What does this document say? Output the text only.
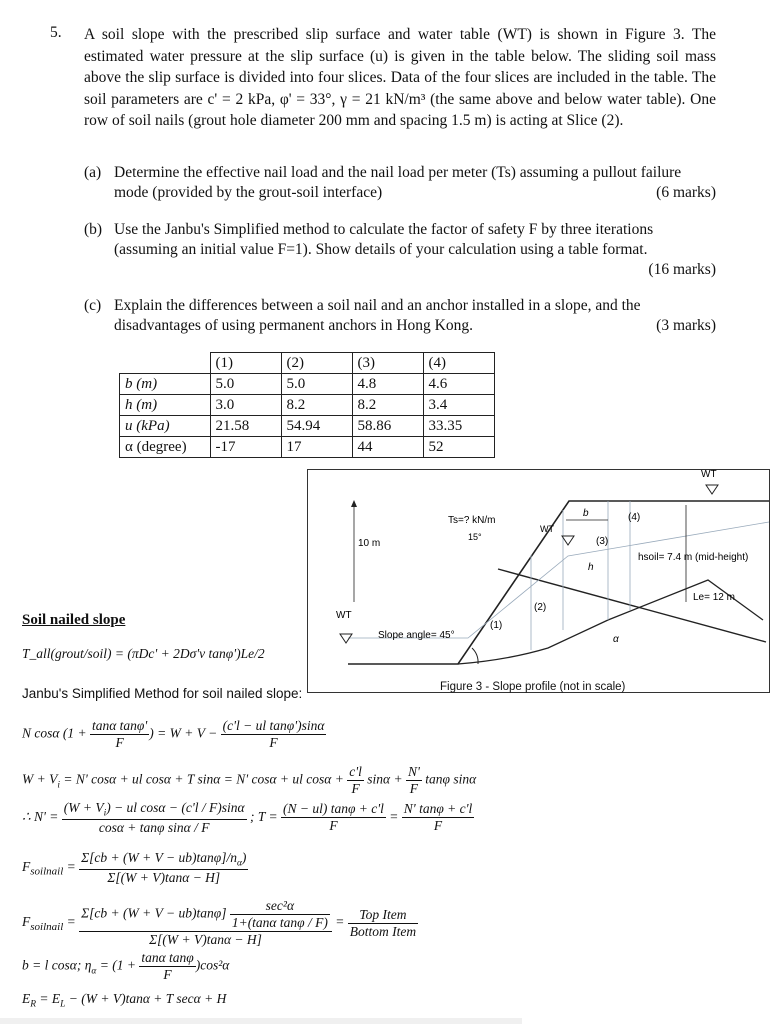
5. A soil slope with the prescribed slip surface and water table (WT) is shown in Figure 3. The estimated water pressure at the slip surface (u) is given in the table below. The sliding soil mass above the slip surface is divided into four slices. Data of the four slices are included in the table. The soil parameters are c' = 2 kPa, φ' = 33°, γ = 21 kN/m³ (the same above and below water table). One row of soil nails (grout hole diameter 200 mm and spacing 1.5 m) is acting at Slice (2).
(a) Determine the effective nail load and the nail load per meter (Ts) assuming a pullout failure mode (provided by the grout-soil interface)	(6 marks)
(b) Use the Janbu's Simplified method to calculate the factor of safety F by three iterations (assuming an initial value F=1). Show details of your calculation using a table format.

(16 marks)
(c) Explain the differences between a soil nail and an anchor installed in a slope, and the disadvantages of using permanent anchors in Hong Kong.	(3 marks)
	(1)	(2)	(3)	(4)
b (m)	5.0	5.0	4.8	4.6
h (m)	3.0	8.2	8.2	3.4
u (kPa)	21.58	54.94	58.86	33.35
α (degree)	-17	17	44	52
WT
WT
WT
Ts=? kN/m
15°
10 m
Slope angle= 45°
hsoil= 7.4 m (mid-height)
Le= 12 m
b
h
α
(1)
(2)
(3)
(4)
Figure 3 - Slope profile (not in scale)
Soil nailed slope
T_all(grout/soil) = (πDc' + 2Dσ'v tanφ')Le/2
Janbu's Simplified Method for soil nailed slope:
N cosα ($1 + \frac{\text{tanα tanφ'}}{F}$ ) = $W + V - \frac{\text{(c'l − ul tanφ')sinα}}{F}$
$W + V_i = N'$ cosα + ul cosα + T sinα = N' cosα + ul $\cos\alpha + \frac{c'l}{F}$ $\sin\alpha + \frac{N'}{F}$ tanφ sinα
∴ $N' = \frac{(W + V_i) - ul \cos\alpha - (c'l / F)\sin\alpha}{\text{cosα + tanφ sinα / F}}$ ; $T = \frac{(N - ul) \tan\varphi + c'l}{F} = \frac{N' \tan\varphi + c'l}{F}$
$F_{soilnail} = \frac{\Sigma[cb + (W + V - ub)\tan\varphi]/n_\alpha)}{\Sigma[(W + V)\tan\alpha - H]}$
$F_{soilnail} = \frac{\Sigma[cb + (W + V - ub)\tan\varphi] \frac{\text{sec²α}}{\text{1+(tanα tanφ / F)}}}{\Sigma[(W + V)\tan\alpha - H]} = \frac{\text{Top Item}}{\text{Bottom Item}}$
b = l cosα; $\eta_\alpha = (1 + \frac{\text{tanα tanφ}}{F} )\cos^2\alpha$
$E_R = E_L - (W + V)\tan\alpha + T$ secα + H
